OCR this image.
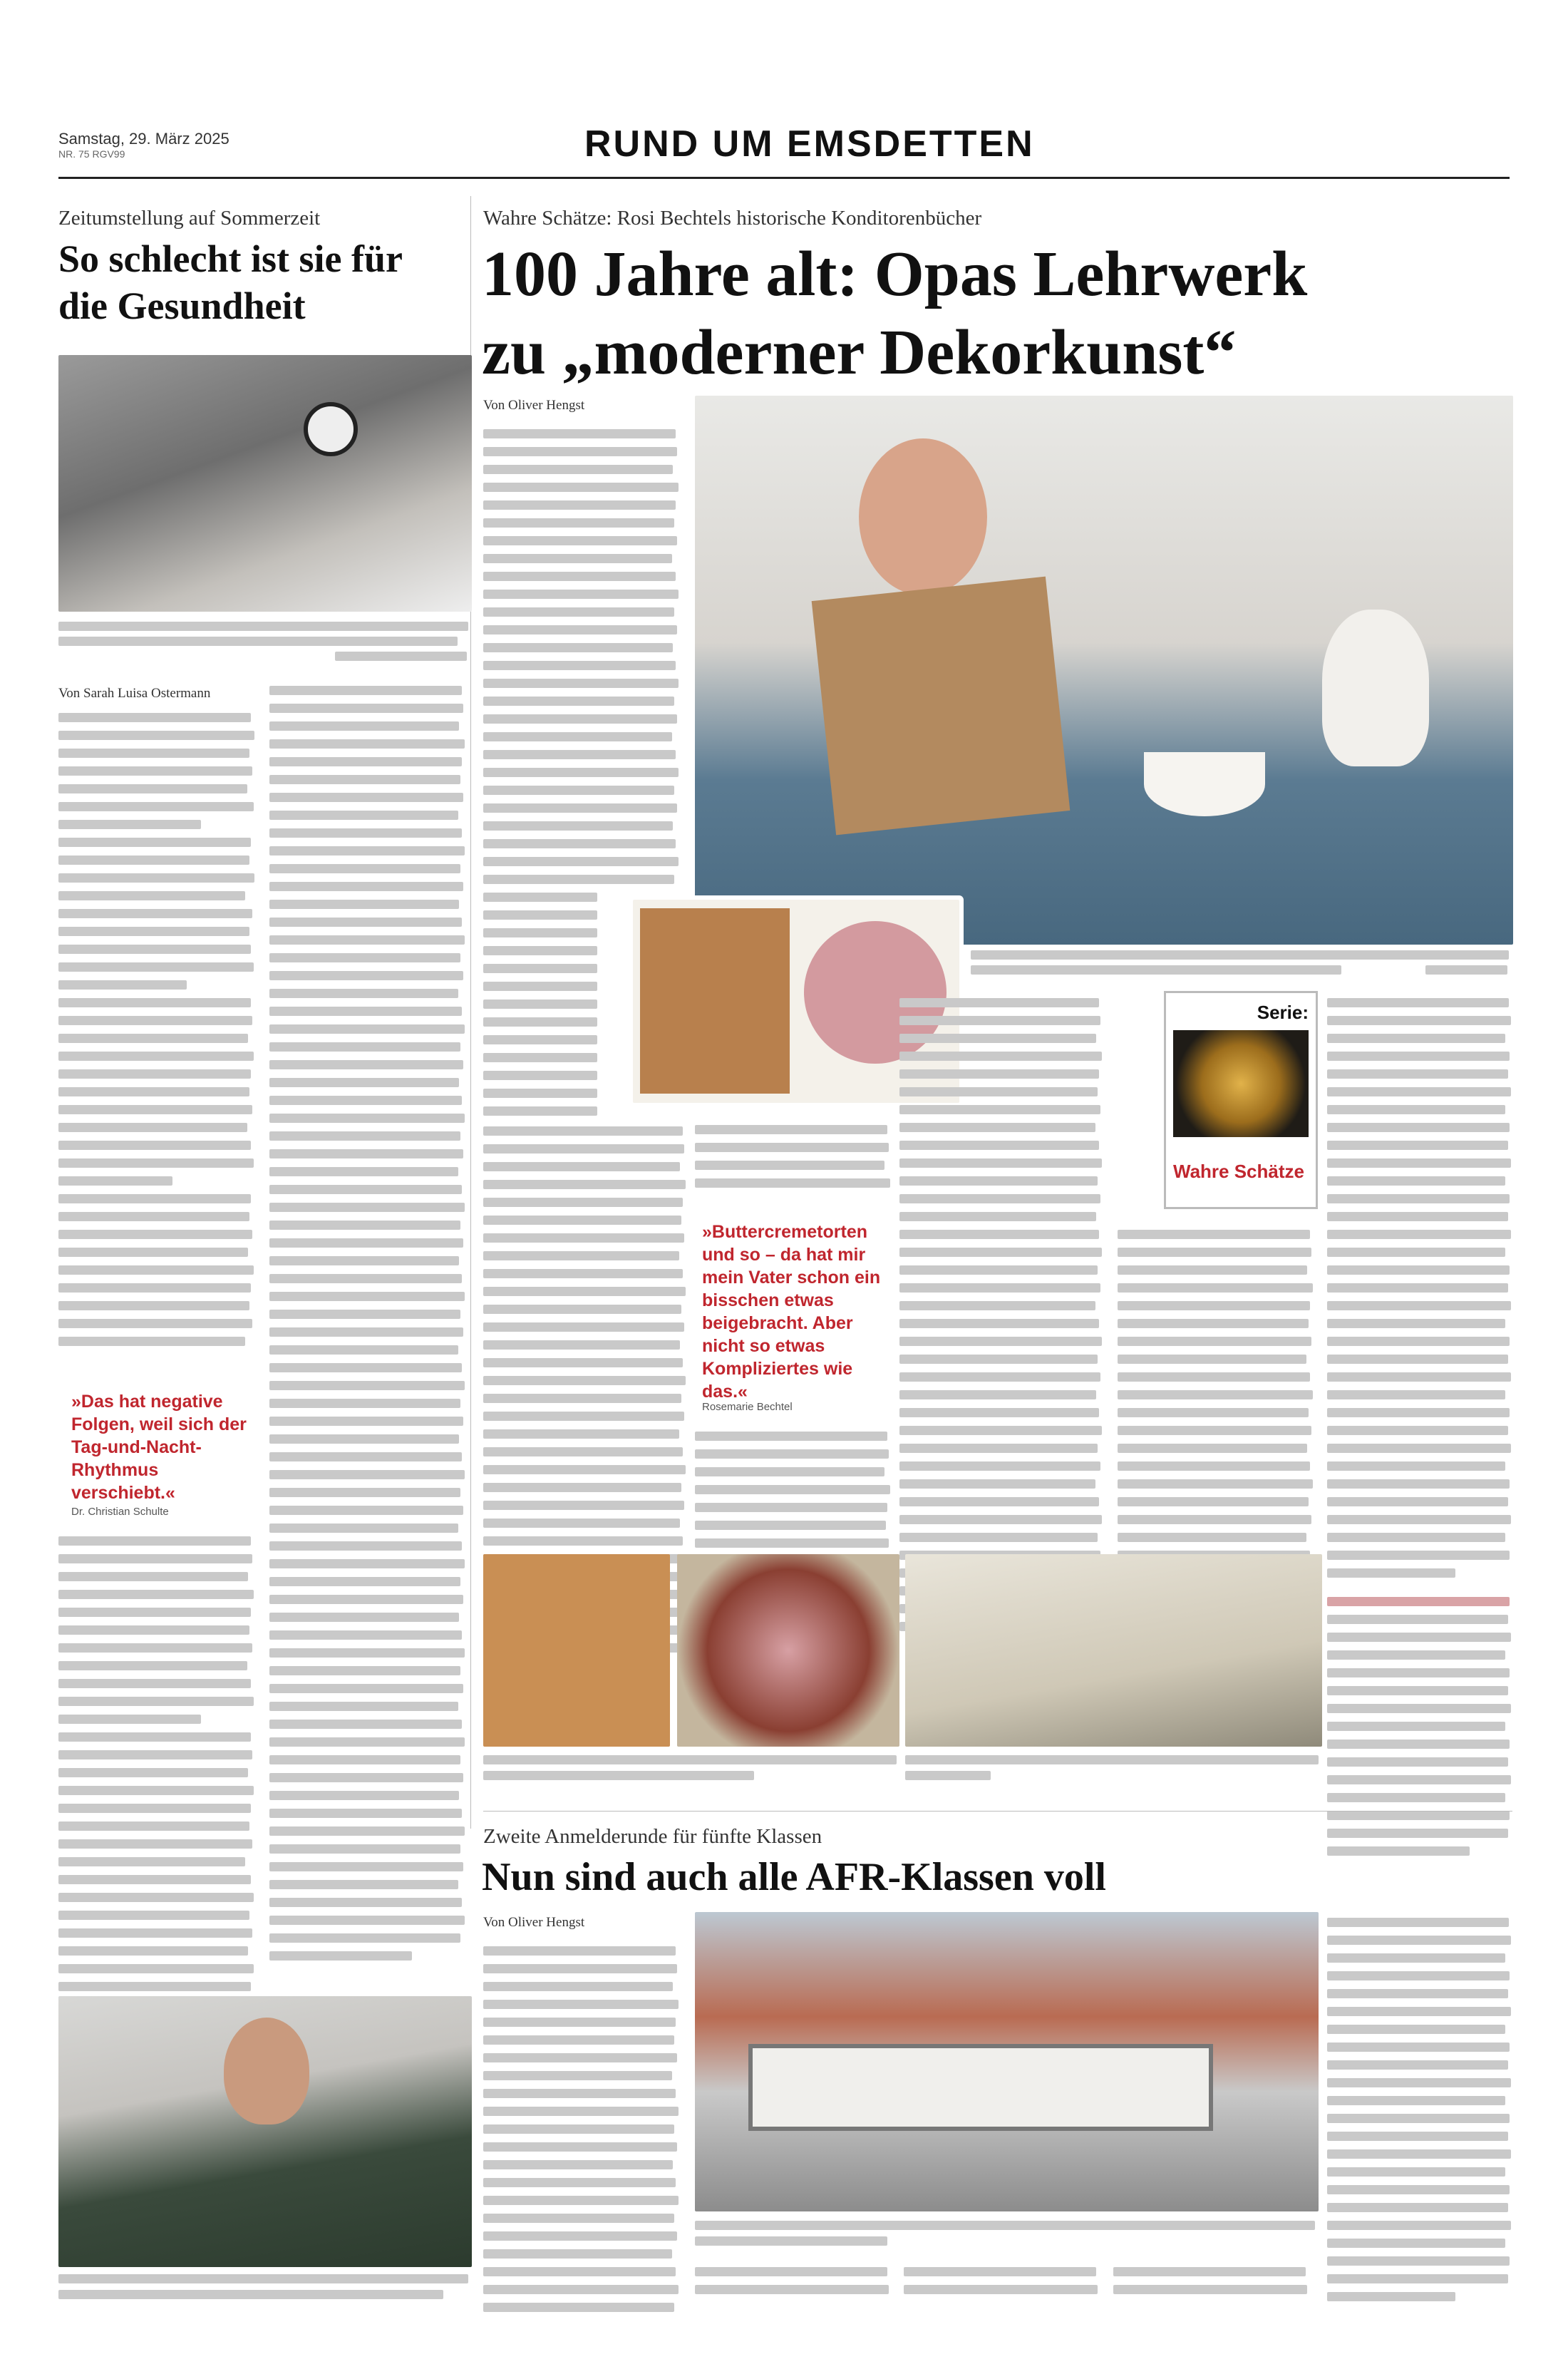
Samstag, 29. März 2025
NR. 75 RGV99	RUND UM EMSDETTEN
Zeitumstellung auf Sommerzeit
So schlecht ist sie für die Gesundheit
Von Sarah Luisa Ostermann
»Das hat negative Folgen, weil sich der Tag-und-Nacht-Rhythmus verschiebt.«
Dr. Christian Schulte
Wahre Schätze: Rosi Bechtels historische Konditorenbücher
100 Jahre alt: Opas Lehrwerk zu „moderner Dekorkunst“
Von Oliver Hengst
»Buttercremetorten und so – da hat mir mein Vater schon ein bisschen etwas beigebracht. Aber nicht so etwas Kompliziertes wie das.«
Rosemarie Bechtel
Serie:
Wahre Schätze
Zweite Anmelderunde für fünfte Klassen
Nun sind auch alle AFR-Klassen voll
Von Oliver Hengst
